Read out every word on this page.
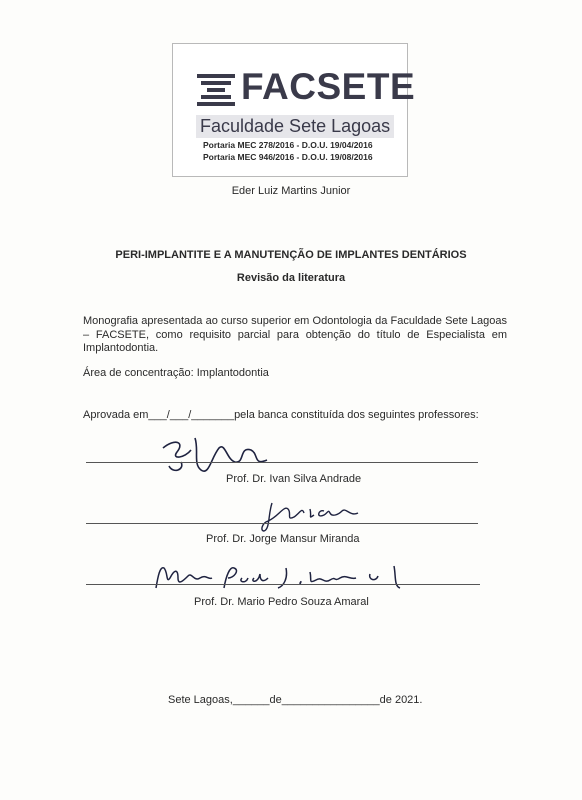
FACSETE
Faculdade Sete Lagoas
Portaria MEC 278/2016 - D.O.U. 19/04/2016
Portaria MEC 946/2016 - D.O.U. 19/08/2016
Eder Luiz Martins Junior
PERI-IMPLANTITE E A MANUTENÇÃO DE IMPLANTES DENTÁRIOS
Revisão da literatura
Monografia apresentada ao curso superior em Odontologia da Faculdade Sete Lagoas – FACSETE, como requisito parcial para obtenção do título de Especialista em Implantodontia.
Área de concentração: Implantodontia
Aprovada em___/___/_______pela banca constituída dos seguintes professores:
Prof. Dr. Ivan Silva Andrade
Prof. Dr. Jorge Mansur Miranda
Prof. Dr. Mario Pedro Souza Amaral
Sete Lagoas,______de________________de 2021.
